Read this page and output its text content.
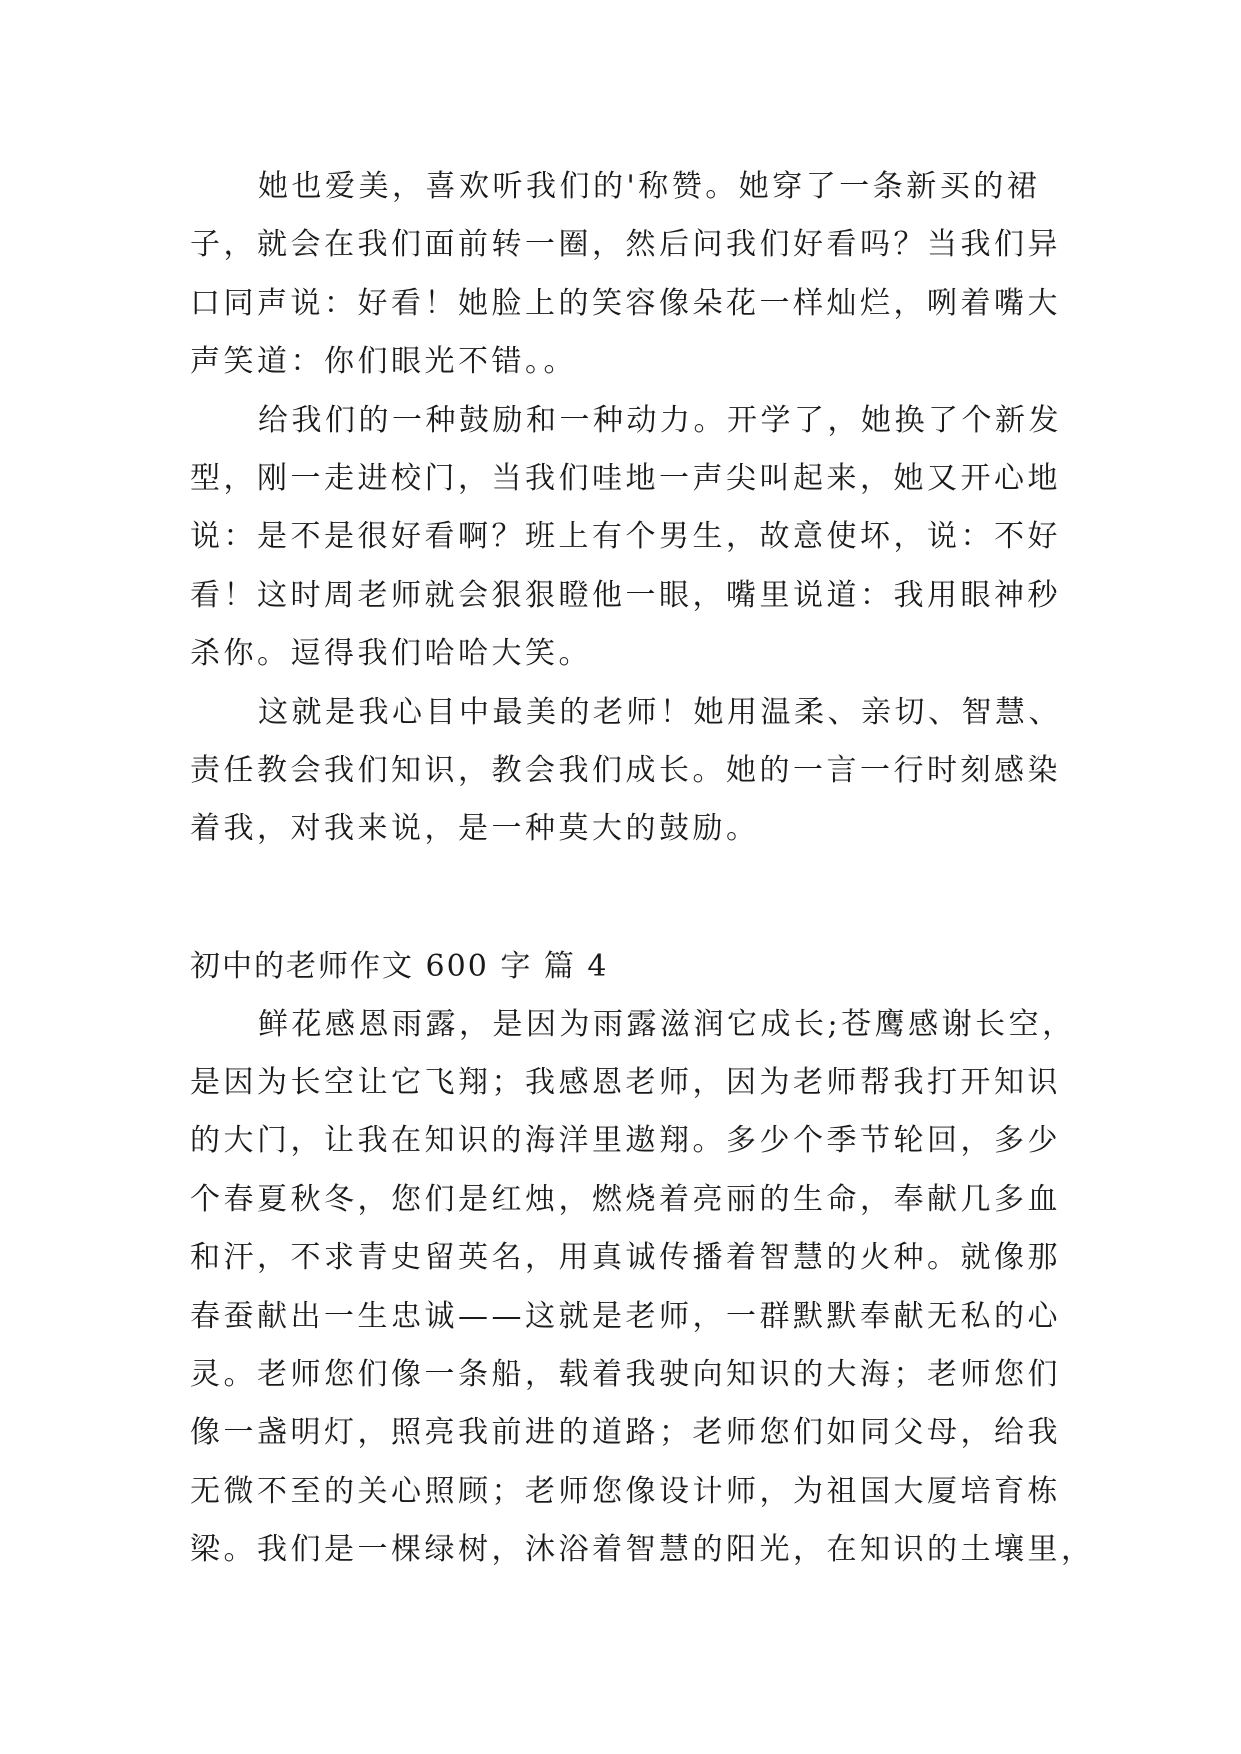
她也爱美，喜欢听我们的'称赞。她穿了一条新买的裙
子，就会在我们面前转一圈，然后问我们好看吗？当我们异
口同声说：好看！她脸上的笑容像朵花一样灿烂，咧着嘴大
声笑道：你们眼光不错。。
给我们的一种鼓励和一种动力。开学了，她换了个新发
型，刚一走进校门，当我们哇地一声尖叫起来，她又开心地
说：是不是很好看啊？班上有个男生，故意使坏，说：不好
看！这时周老师就会狠狠瞪他一眼，嘴里说道：我用眼神秒
杀你。逗得我们哈哈大笑。
这就是我心目中最美的老师！她用温柔、亲切、智慧、
责任教会我们知识，教会我们成长。她的一言一行时刻感染
着我，对我来说，是一种莫大的鼓励。
初中的老师作文 600 字 篇 4
鲜花感恩雨露，是因为雨露滋润它成长;苍鹰感谢长空，
是因为长空让它飞翔；我感恩老师，因为老师帮我打开知识
的大门，让我在知识的海洋里遨翔。多少个季节轮回，多少
个春夏秋冬，您们是红烛，燃烧着亮丽的生命，奉献几多血
和汗，不求青史留英名，用真诚传播着智慧的火种。就像那
春蚕献出一生忠诚——这就是老师，一群默默奉献无私的心
灵。老师您们像一条船，载着我驶向知识的大海；老师您们
像一盏明灯，照亮我前进的道路；老师您们如同父母，给我
无微不至的关心照顾；老师您像设计师，为祖国大厦培育栋
梁。我们是一棵绿树，沐浴着智慧的阳光，在知识的土壤里，
